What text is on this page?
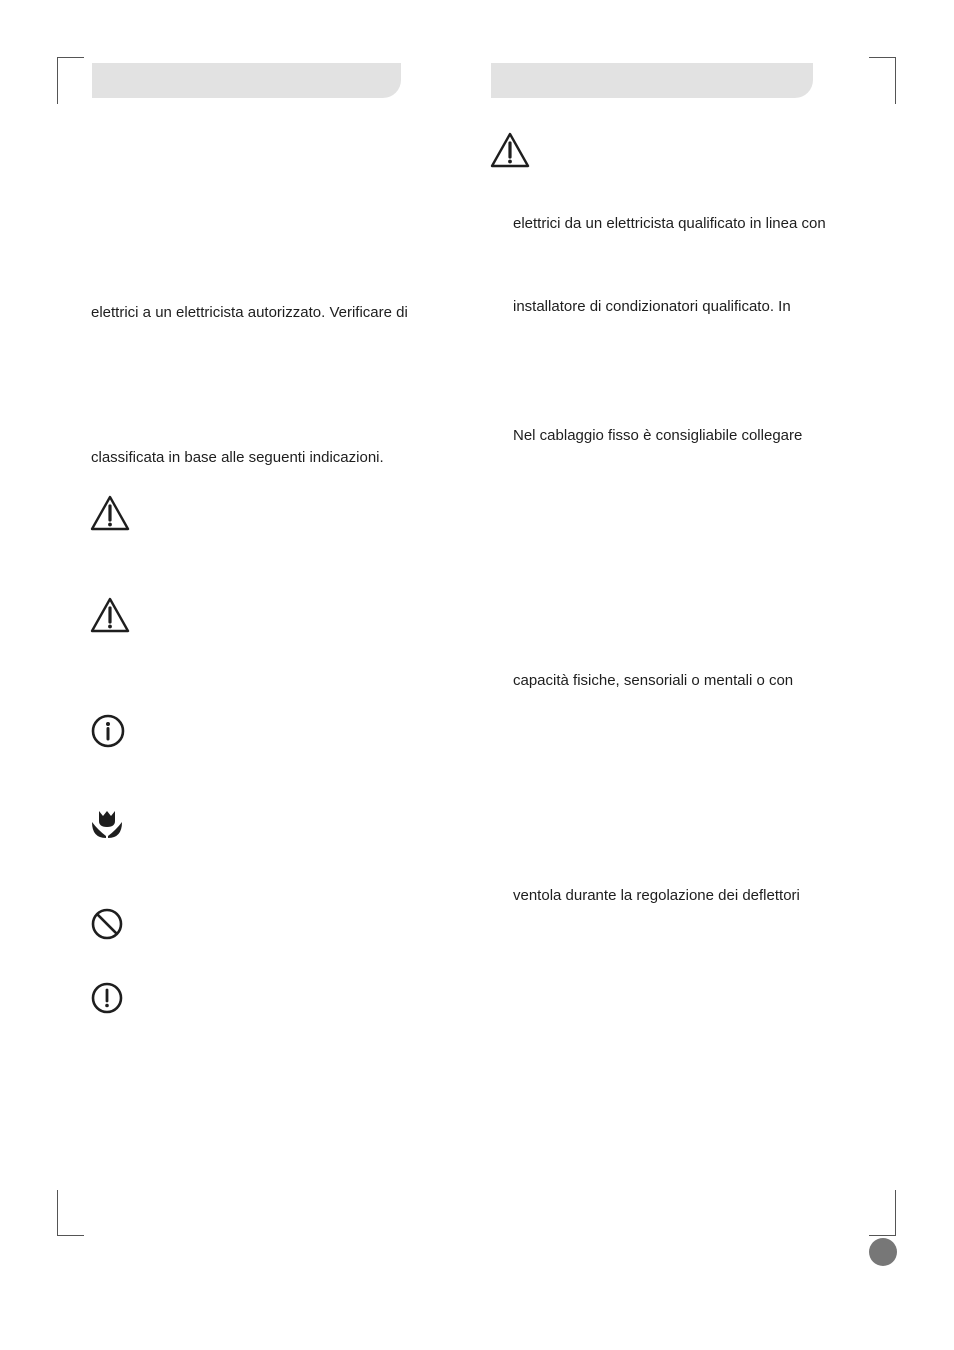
elettrici a un elettricista autorizzato. Verificare di
classificata in base alle seguenti indicazioni.
elettrici da un elettricista qualificato in linea con
installatore di condizionatori qualificato. In
Nel cablaggio fisso è consigliabile collegare
capacità fisiche, sensoriali o mentali o con
ventola durante la regolazione dei deflettori
